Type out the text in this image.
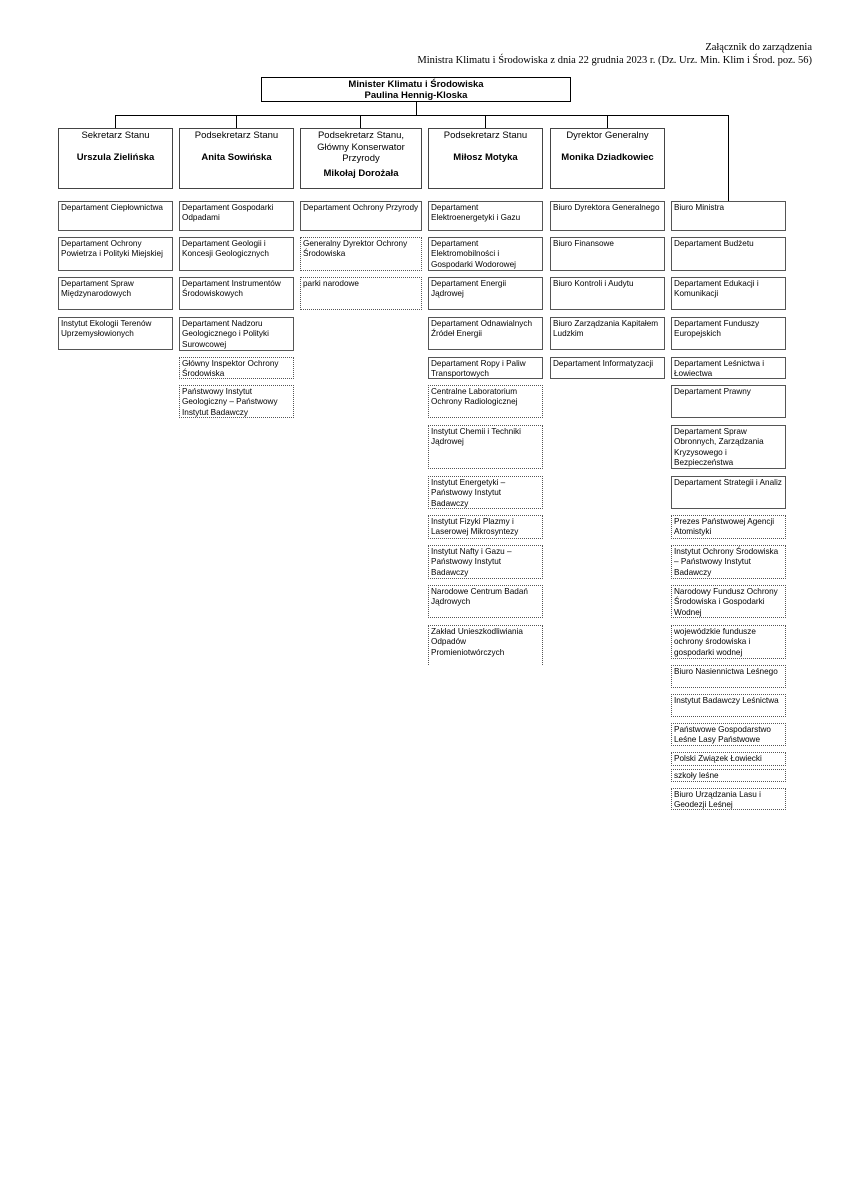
Załącznik do zarządzenia
Ministra Klimatu i Środowiska z dnia 22 grudnia 2023 r. (Dz. Urz. Min. Klim i Środ. poz. 56)
Minister Klimatu i Środowiska
Paulina Hennig-Kloska
Sekretarz Stanu
Urszula Zielińska
Podsekretarz Stanu
Anita Sowińska
Podsekretarz Stanu, Główny Konserwator Przyrody
Mikołaj Dorożała
Podsekretarz Stanu
Miłosz Motyka
Dyrektor Generalny
Monika Dziadkowiec
Departament Ciepłownictwa
Departament Ochrony Powietrza i Polityki Miejskiej
Departament Spraw Międzynarodowych
Instytut Ekologii Terenów Uprzemysłowionych
Departament Gospodarki Odpadami
Departament Geologii i Koncesji Geologicznych
Departament Instrumentów Środowiskowych
Departament Nadzoru Geologicznego i Polityki Surowcowej
Główny Inspektor Ochrony Środowiska
Państwowy Instytut Geologiczny – Państwowy Instytut Badawczy
Departament Ochrony Przyrody
Generalny Dyrektor Ochrony Środowiska
parki narodowe
Departament Elektroenergetyki i Gazu
Departament Elektromobilności i Gospodarki Wodorowej
Departament Energii Jądrowej
Departament Odnawialnych Źródeł Energii
Departament Ropy i Paliw Transportowych
Centralne Laboratorium Ochrony Radiologicznej
Instytut Chemii i Techniki Jądrowej
Instytut Energetyki – Państwowy Instytut Badawczy
Instytut Fizyki Plazmy i Laserowej Mikrosyntezy
Instytut Nafty i Gazu – Państwowy Instytut Badawczy
Narodowe Centrum Badań Jądrowych
Zakład Unieszkodliwiania Odpadów Promieniotwórczych
Biuro Dyrektora Generalnego
Biuro Finansowe
Biuro Kontroli i Audytu
Biuro Zarządzania Kapitałem Ludzkim
Departament Informatyzacji
Biuro Ministra
Departament Budżetu
Departament Edukacji i Komunikacji
Departament Funduszy Europejskich
Departament Leśnictwa i Łowiectwa
Departament Prawny
Departament Spraw Obronnych, Zarządzania Kryzysowego i Bezpieczeństwa
Departament Strategii i Analiz
Prezes Państwowej Agencji Atomistyki
Instytut Ochrony Środowiska – Państwowy Instytut Badawczy
Narodowy Fundusz Ochrony Środowiska i Gospodarki Wodnej
wojewódzkie fundusze ochrony środowiska i gospodarki wodnej
Biuro Nasiennictwa Leśnego
Instytut Badawczy Leśnictwa
Państwowe Gospodarstwo Leśne Lasy Państwowe
Polski Związek Łowiecki
szkoły leśne
Biuro Urządzania Lasu i Geodezji Leśnej
